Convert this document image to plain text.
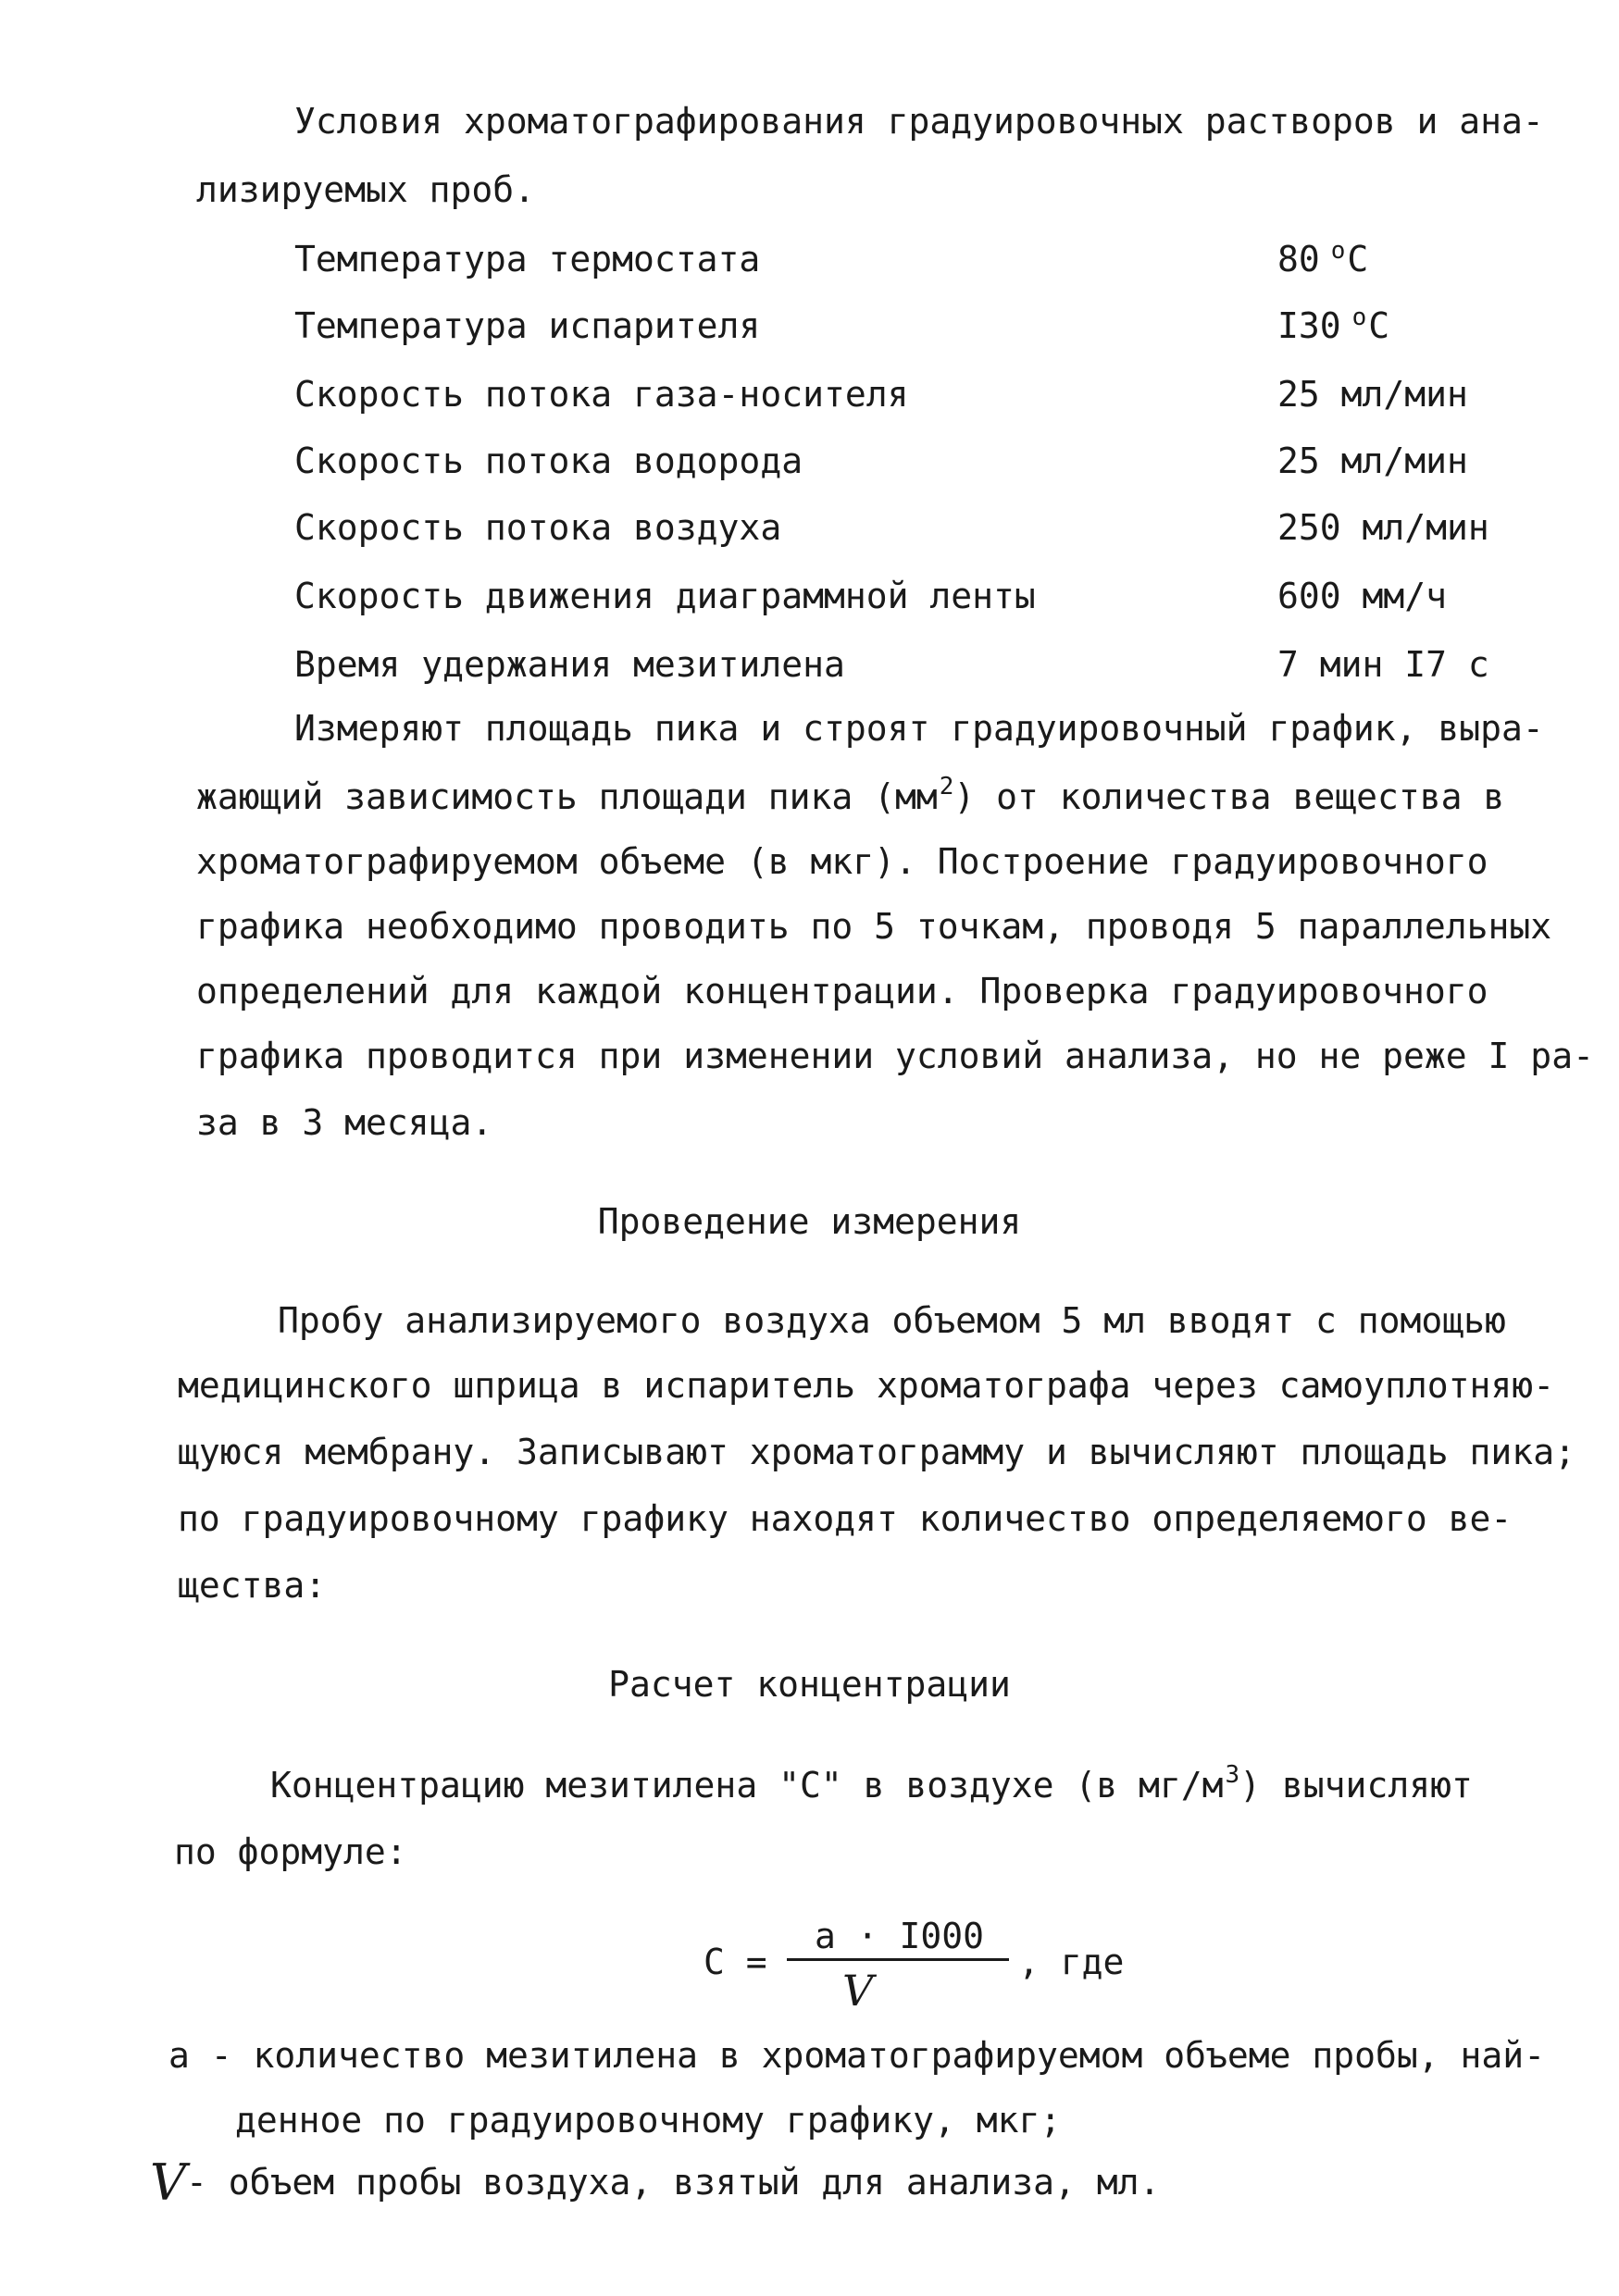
Условия хроматографирования градуировочных растворов и ана-
лизируемых проб.
Температура термостата	80 $^o$С
Температура испарителя	I30 $^o$С
Скорость потока газа-носителя	25 мл/мин
Скорость потока водорода	25 мл/мин
Скорость потока воздуха	250 мл/мин
Скорость движения диаграммной ленты	600 мм/ч
Время удержания мезитилена	7 мин I7 с
Измеряют площадь пика и строят градуировочный график, выра-
жающий зависимость площади пика $(мм^2)$ от количества вещества в
хроматографируемом объеме (в мкг). Построение градуировочного
графика необходимо проводить по 5 точкам, проводя 5 параллельных
определений для каждой концентрации. Проверка градуировочного
графика проводится при изменении условий анализа, но не реже I ра-
за в 3 месяца.
Проведение измерения
Пробу анализируемого воздуха объемом 5 мл вводят с помощью
медицинского шприца в испаритель хроматографа через самоуплотняю-
щуюся мембрану. Записывают хроматограмму и вычисляют площадь пика;
по градуировочному графику находят количество определяемого ве-
щества:
Расчет концентрации
Концентрацию мезитилена "С" в воздухе (в $мг/м^3$) вычисляют
по формуле:
С =
а · I000
V
, где
а - количество мезитилена в хроматографируемом объеме пробы, най-
денное по градуировочному графику, мкг;
V- объем пробы воздуха, взятый для анализа, мл.
